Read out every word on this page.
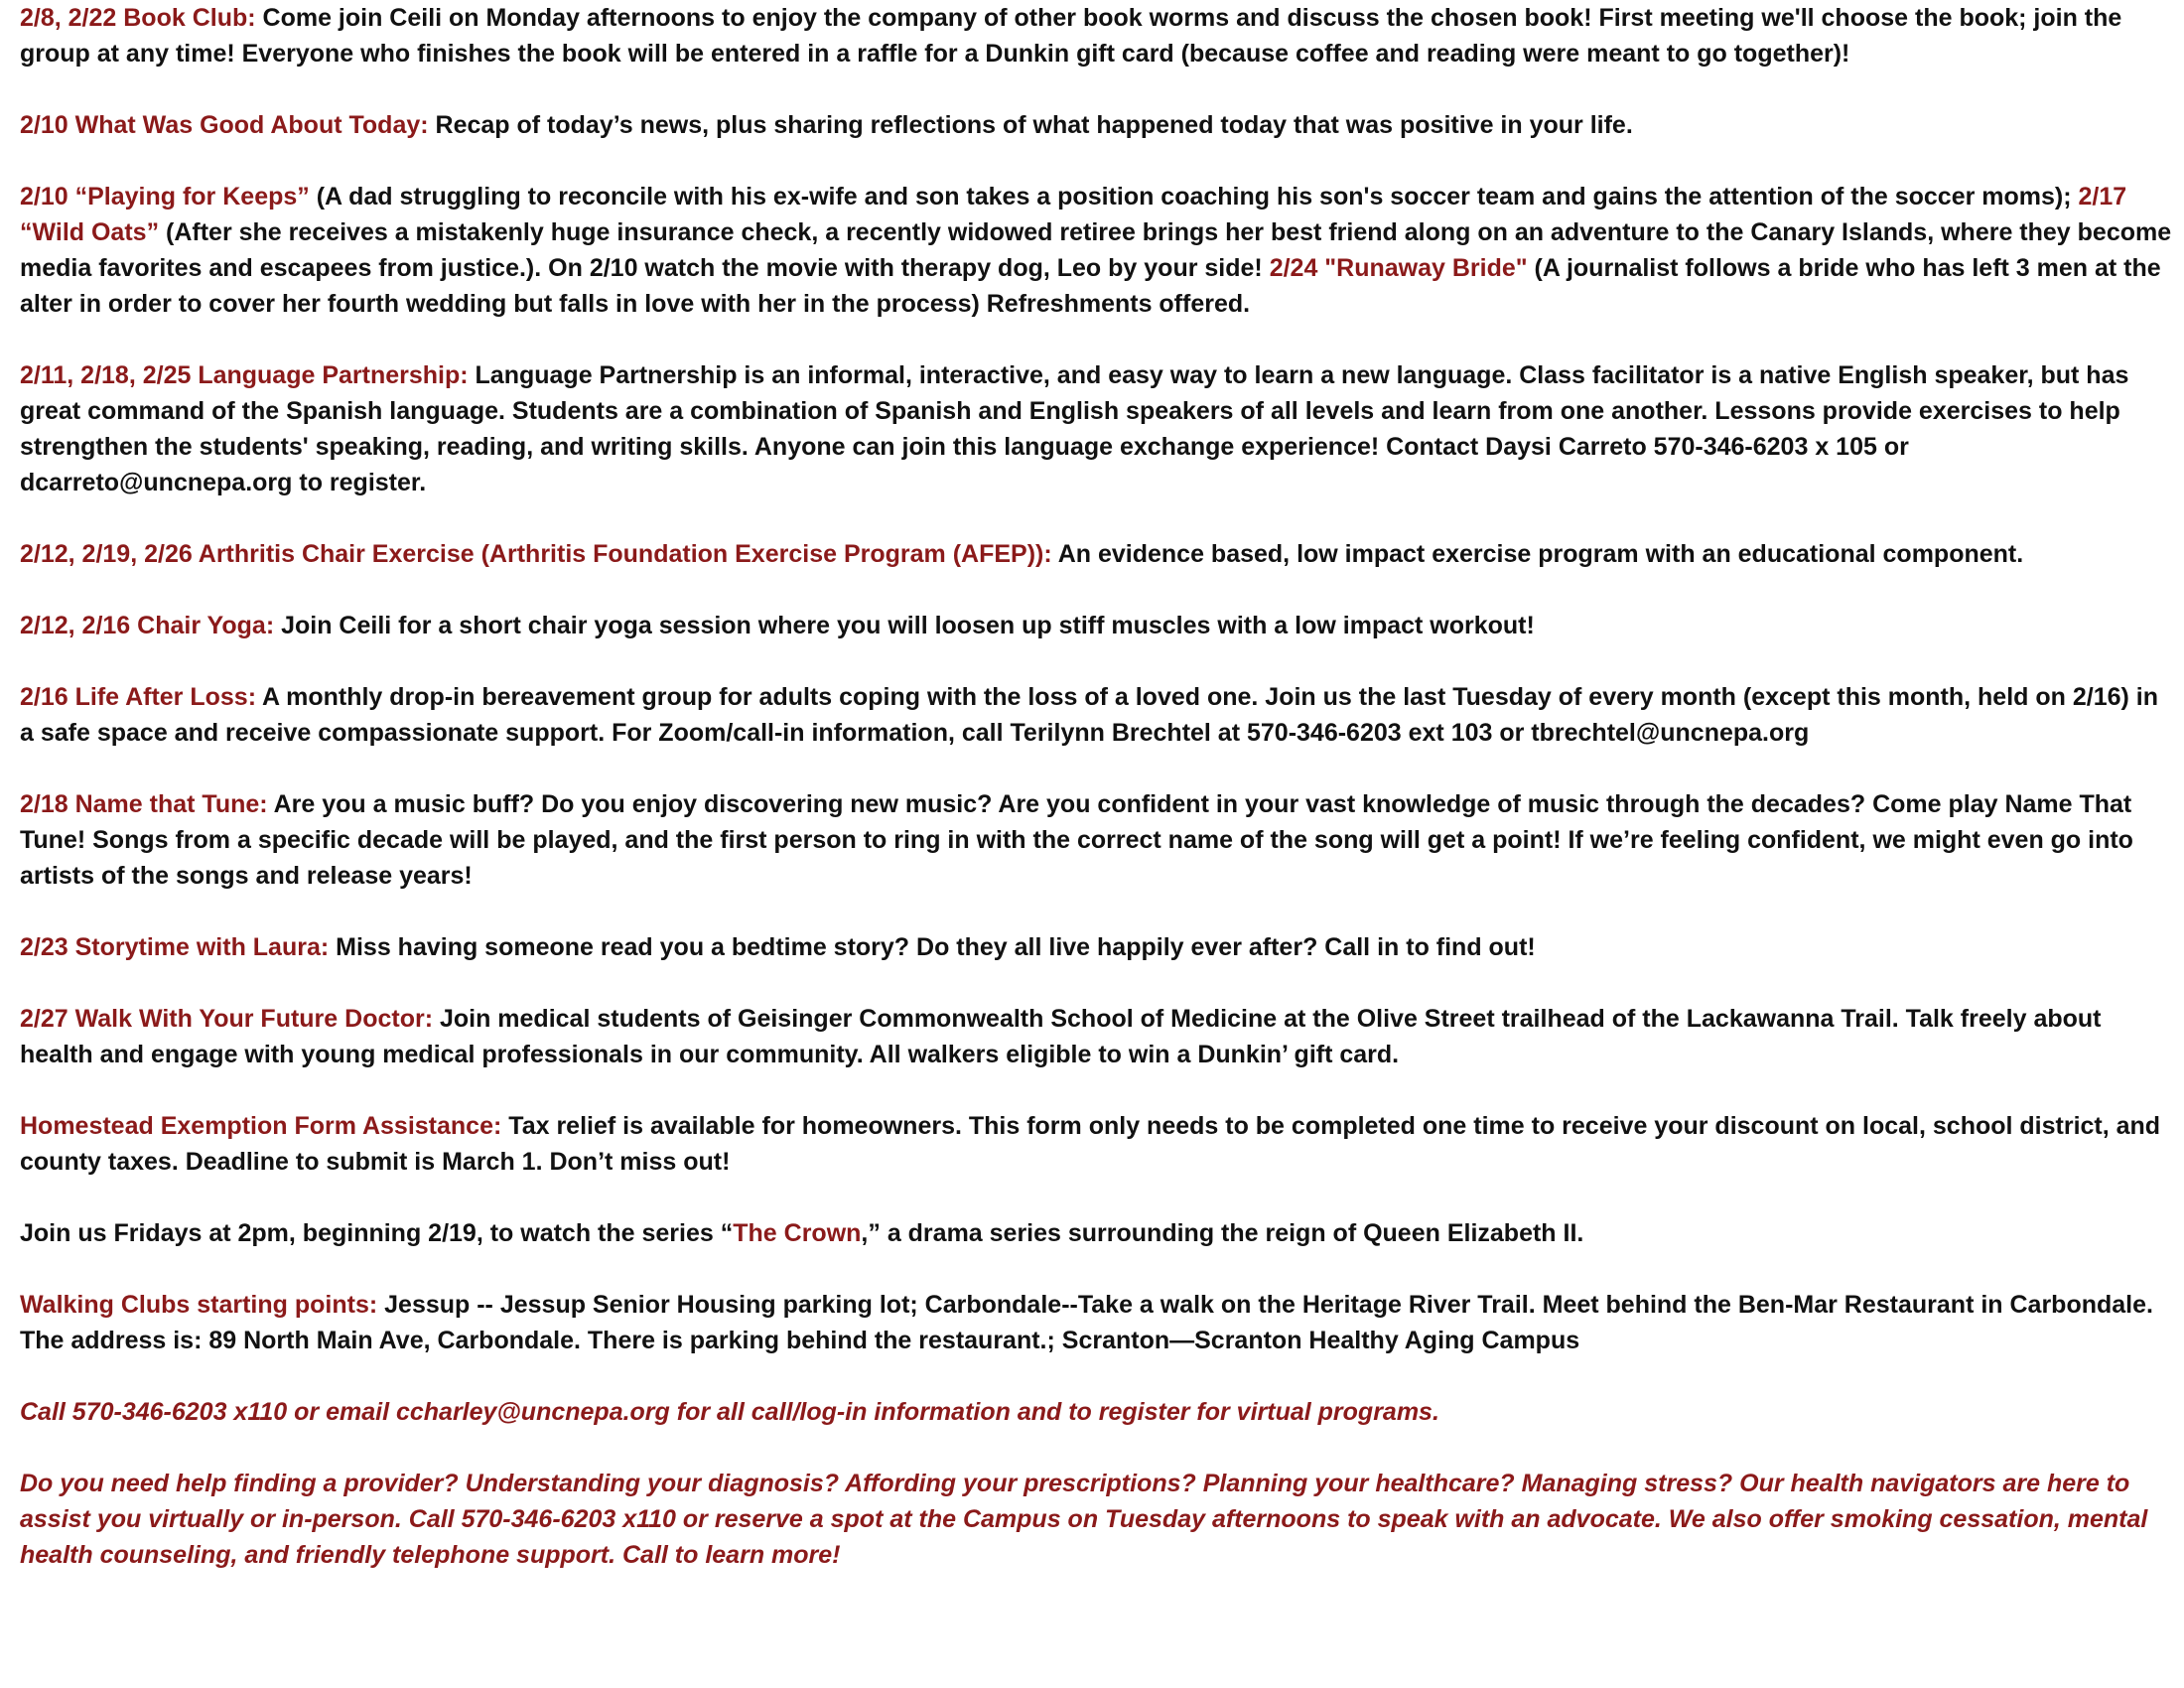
2/8, 2/22 Book Club: Come join Ceili on Monday afternoons to enjoy the company of other book worms and discuss the chosen book! First meeting we'll choose the book; join the group at any time! Everyone who finishes the book will be entered in a raffle for a Dunkin gift card (because coffee and reading were meant to go together)!

2/10 What Was Good About Today: Recap of today’s news, plus sharing reflections of what happened today that was positive in your life.

2/10 “Playing for Keeps” (A dad struggling to reconcile with his ex-wife and son takes a position coaching his son's soccer team and gains the attention of the soccer moms); 2/17 “Wild Oats” (After she receives a mistakenly huge insurance check, a recently widowed retiree brings her best friend along on an adventure to the Canary Islands, where they become media favorites and escapees from justice.). On 2/10 watch the movie with therapy dog, Leo by your side! 2/24 "Runaway Bride" (A journalist follows a bride who has left 3 men at the alter in order to cover her fourth wedding but falls in love with her in the process) Refreshments offered.

2/11, 2/18, 2/25 Language Partnership: Language Partnership is an informal, interactive, and easy way to learn a new language. Class facilitator is a native English speaker, but has great command of the Spanish language. Students are a combination of Spanish and English speakers of all levels and learn from one another. Lessons provide exercises to help strengthen the students' speaking, reading, and writing skills. Anyone can join this language exchange experience! Contact Daysi Carreto 570-346-6203 x 105 or dcarreto@uncnepa.org to register.

2/12, 2/19, 2/26 Arthritis Chair Exercise (Arthritis Foundation Exercise Program (AFEP)): An evidence based, low impact exercise program with an educational component.

2/12, 2/16 Chair Yoga: Join Ceili for a short chair yoga session where you will loosen up stiff muscles with a low impact workout!

2/16 Life After Loss: A monthly drop-in bereavement group for adults coping with the loss of a loved one. Join us the last Tuesday of every month (except this month, held on 2/16) in a safe space and receive compassionate support. For Zoom/call-in information, call Terilynn Brechtel at 570-346-6203 ext 103 or tbrechtel@uncnepa.org

2/18 Name that Tune: Are you a music buff? Do you enjoy discovering new music? Are you confident in your vast knowledge of music through the decades? Come play Name That Tune! Songs from a specific decade will be played, and the first person to ring in with the correct name of the song will get a point! If we’re feeling confident, we might even go into artists of the songs and release years!

2/23 Storytime with Laura: Miss having someone read you a bedtime story? Do they all live happily ever after? Call in to find out!

2/27 Walk With Your Future Doctor: Join medical students of Geisinger Commonwealth School of Medicine at the Olive Street trailhead of the Lackawanna Trail. Talk freely about health and engage with young medical professionals in our community. All walkers eligible to win a Dunkin’ gift card.

Homestead Exemption Form Assistance: Tax relief is available for homeowners. This form only needs to be completed one time to receive your discount on local, school district, and county taxes. Deadline to submit is March 1. Don’t miss out!

Join us Fridays at 2pm, beginning 2/19, to watch the series “The Crown,” a drama series surrounding the reign of Queen Elizabeth II.

Walking Clubs starting points: Jessup -- Jessup Senior Housing parking lot; Carbondale--Take a walk on the Heritage River Trail. Meet behind the Ben-Mar Restaurant in Carbondale. The address is: 89 North Main Ave, Carbondale. There is parking behind the restaurant.; Scranton—Scranton Healthy Aging Campus

Call 570-346-6203 x110 or email ccharley@uncnepa.org for all call/log-in information and to register for virtual programs.

Do you need help finding a provider? Understanding your diagnosis? Affording your prescriptions? Planning your healthcare? Managing stress? Our health navigators are here to assist you virtually or in-person. Call 570-346-6203 x110 or reserve a spot at the Campus on Tuesday afternoons to speak with an advocate. We also offer smoking cessation, mental health counseling, and friendly telephone support. Call to learn more!
